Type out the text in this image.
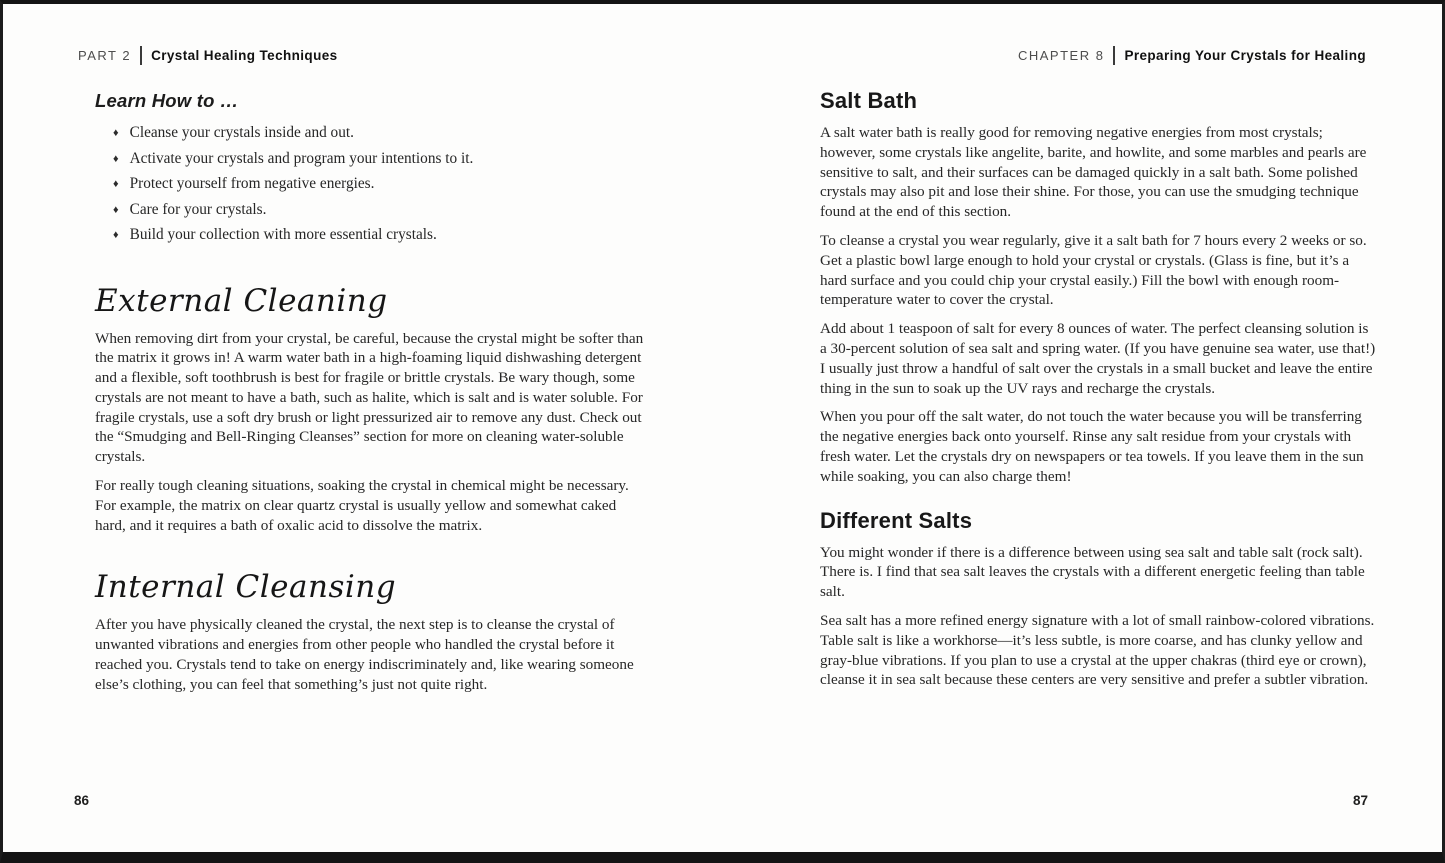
PART 2 Crystal Healing Techniques
Learn How to …
♦ Cleanse your crystals inside and out.
♦ Activate your crystals and program your intentions to it.
♦ Protect yourself from negative energies.
♦ Care for your crystals.
♦ Build your collection with more essential crystals.
External Cleaning

When removing dirt from your crystal, be careful, because the crystal might be softer than the matrix it grows in! A warm water bath in a high-foaming liquid dishwashing detergent and a flexible, soft toothbrush is best for fragile or brittle crystals. Be wary though, some crystals are not meant to have a bath, such as halite, which is salt and is water soluble. For fragile crystals, use a soft dry brush or light pressurized air to remove any dust. Check out the “Smudging and Bell-Ringing Cleanses” section for more on cleaning water-soluble crystals.

For really tough cleaning situations, soaking the crystal in chemical might be necessary. For example, the matrix on clear quartz crystal is usually yellow and somewhat caked hard, and it requires a bath of oxalic acid to dissolve the matrix.

Internal Cleansing

After you have physically cleaned the crystal, the next step is to cleanse the crystal of unwanted vibrations and energies from other people who handled the crystal before it reached you. Crystals tend to take on energy indiscriminately and, like wearing someone else’s clothing, you can feel that something’s just not quite right.

86
CHAPTER 8 Preparing Your Crystals for Healing
Salt Bath

A salt water bath is really good for removing negative energies from most crystals; however, some crystals like angelite, barite, and howlite, and some marbles and pearls are sensitive to salt, and their surfaces can be damaged quickly in a salt bath. Some polished crystals may also pit and lose their shine. For those, you can use the smudging technique found at the end of this section.

To cleanse a crystal you wear regularly, give it a salt bath for 7 hours every 2 weeks or so. Get a plastic bowl large enough to hold your crystal or crystals. (Glass is fine, but it’s a hard surface and you could chip your crystal easily.) Fill the bowl with enough room-temperature water to cover the crystal.

Add about 1 teaspoon of salt for every 8 ounces of water. The perfect cleansing solution is a 30-percent solution of sea salt and spring water. (If you have genuine sea water, use that!) I usually just throw a handful of salt over the crystals in a small bucket and leave the entire thing in the sun to soak up the UV rays and recharge the crystals.

When you pour off the salt water, do not touch the water because you will be transferring the negative energies back onto yourself. Rinse any salt residue from your crystals with fresh water. Let the crystals dry on newspapers or tea towels. If you leave them in the sun while soaking, you can also charge them!

Different Salts

You might wonder if there is a difference between using sea salt and table salt (rock salt). There is. I find that sea salt leaves the crystals with a different energetic feeling than table salt.

Sea salt has a more refined energy signature with a lot of small rainbow-colored vibrations. Table salt is like a workhorse—it’s less subtle, is more coarse, and has clunky yellow and gray-blue vibrations. If you plan to use a crystal at the upper chakras (third eye or crown), cleanse it in sea salt because these centers are very sensitive and prefer a subtler vibration.

87
